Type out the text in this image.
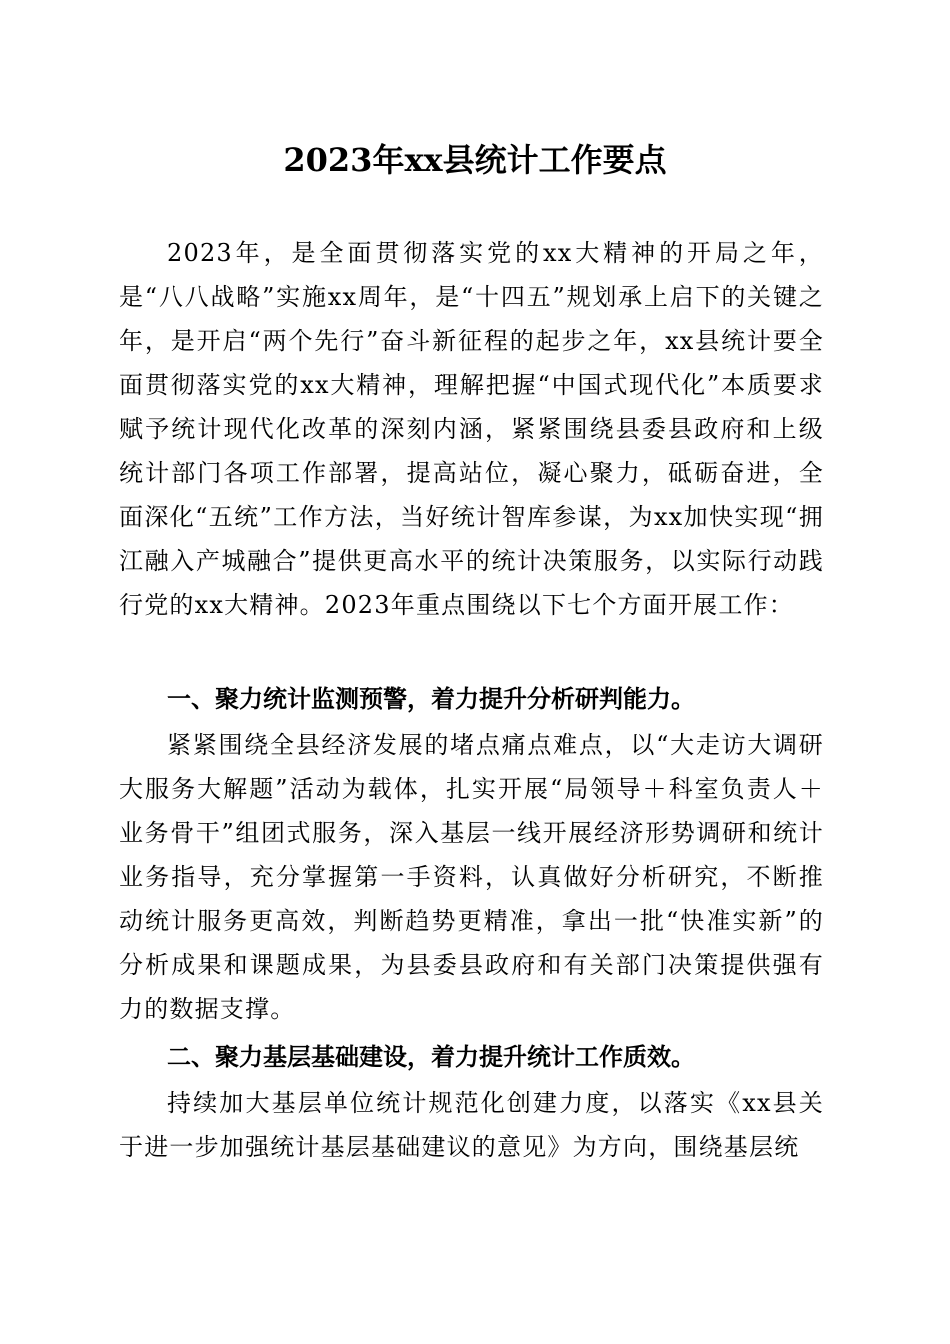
2023年xx县统计工作要点

2023年，是全面贯彻落实党的xx大精神的开局之年，是“八八战略”实施xx周年，是“十四五”规划承上启下的关键之年，是开启“两个先行”奋斗新征程的起步之年，xx县统计要全面贯彻落实党的xx大精神，理解把握“中国式现代化”本质要求赋予统计现代化改革的深刻内涵，紧紧围绕县委县政府和上级统计部门各项工作部署，提高站位，凝心聚力，砥砺奋进，全面深化“五统”工作方法，当好统计智库参谋，为xx加快实现“拥江融入产城融合”提供更高水平的统计决策服务，以实际行动践行党的xx大精神。2023年重点围绕以下七个方面开展工作：

一、聚力统计监测预警，着力提升分析研判能力。

紧紧围绕全县经济发展的堵点痛点难点，以“大走访大调研大服务大解题”活动为载体，扎实开展“局领导＋科室负责人＋业务骨干”组团式服务，深入基层一线开展经济形势调研和统计业务指导，充分掌握第一手资料，认真做好分析研究，不断推动统计服务更高效，判断趋势更精准，拿出一批“快准实新”的分析成果和课题成果，为县委县政府和有关部门决策提供强有力的数据支撑。

二、聚力基层基础建设，着力提升统计工作质效。

持续加大基层单位统计规范化创建力度，以落实《xx县关于进一步加强统计基层基础建议的意见》为方向，围绕基层统
